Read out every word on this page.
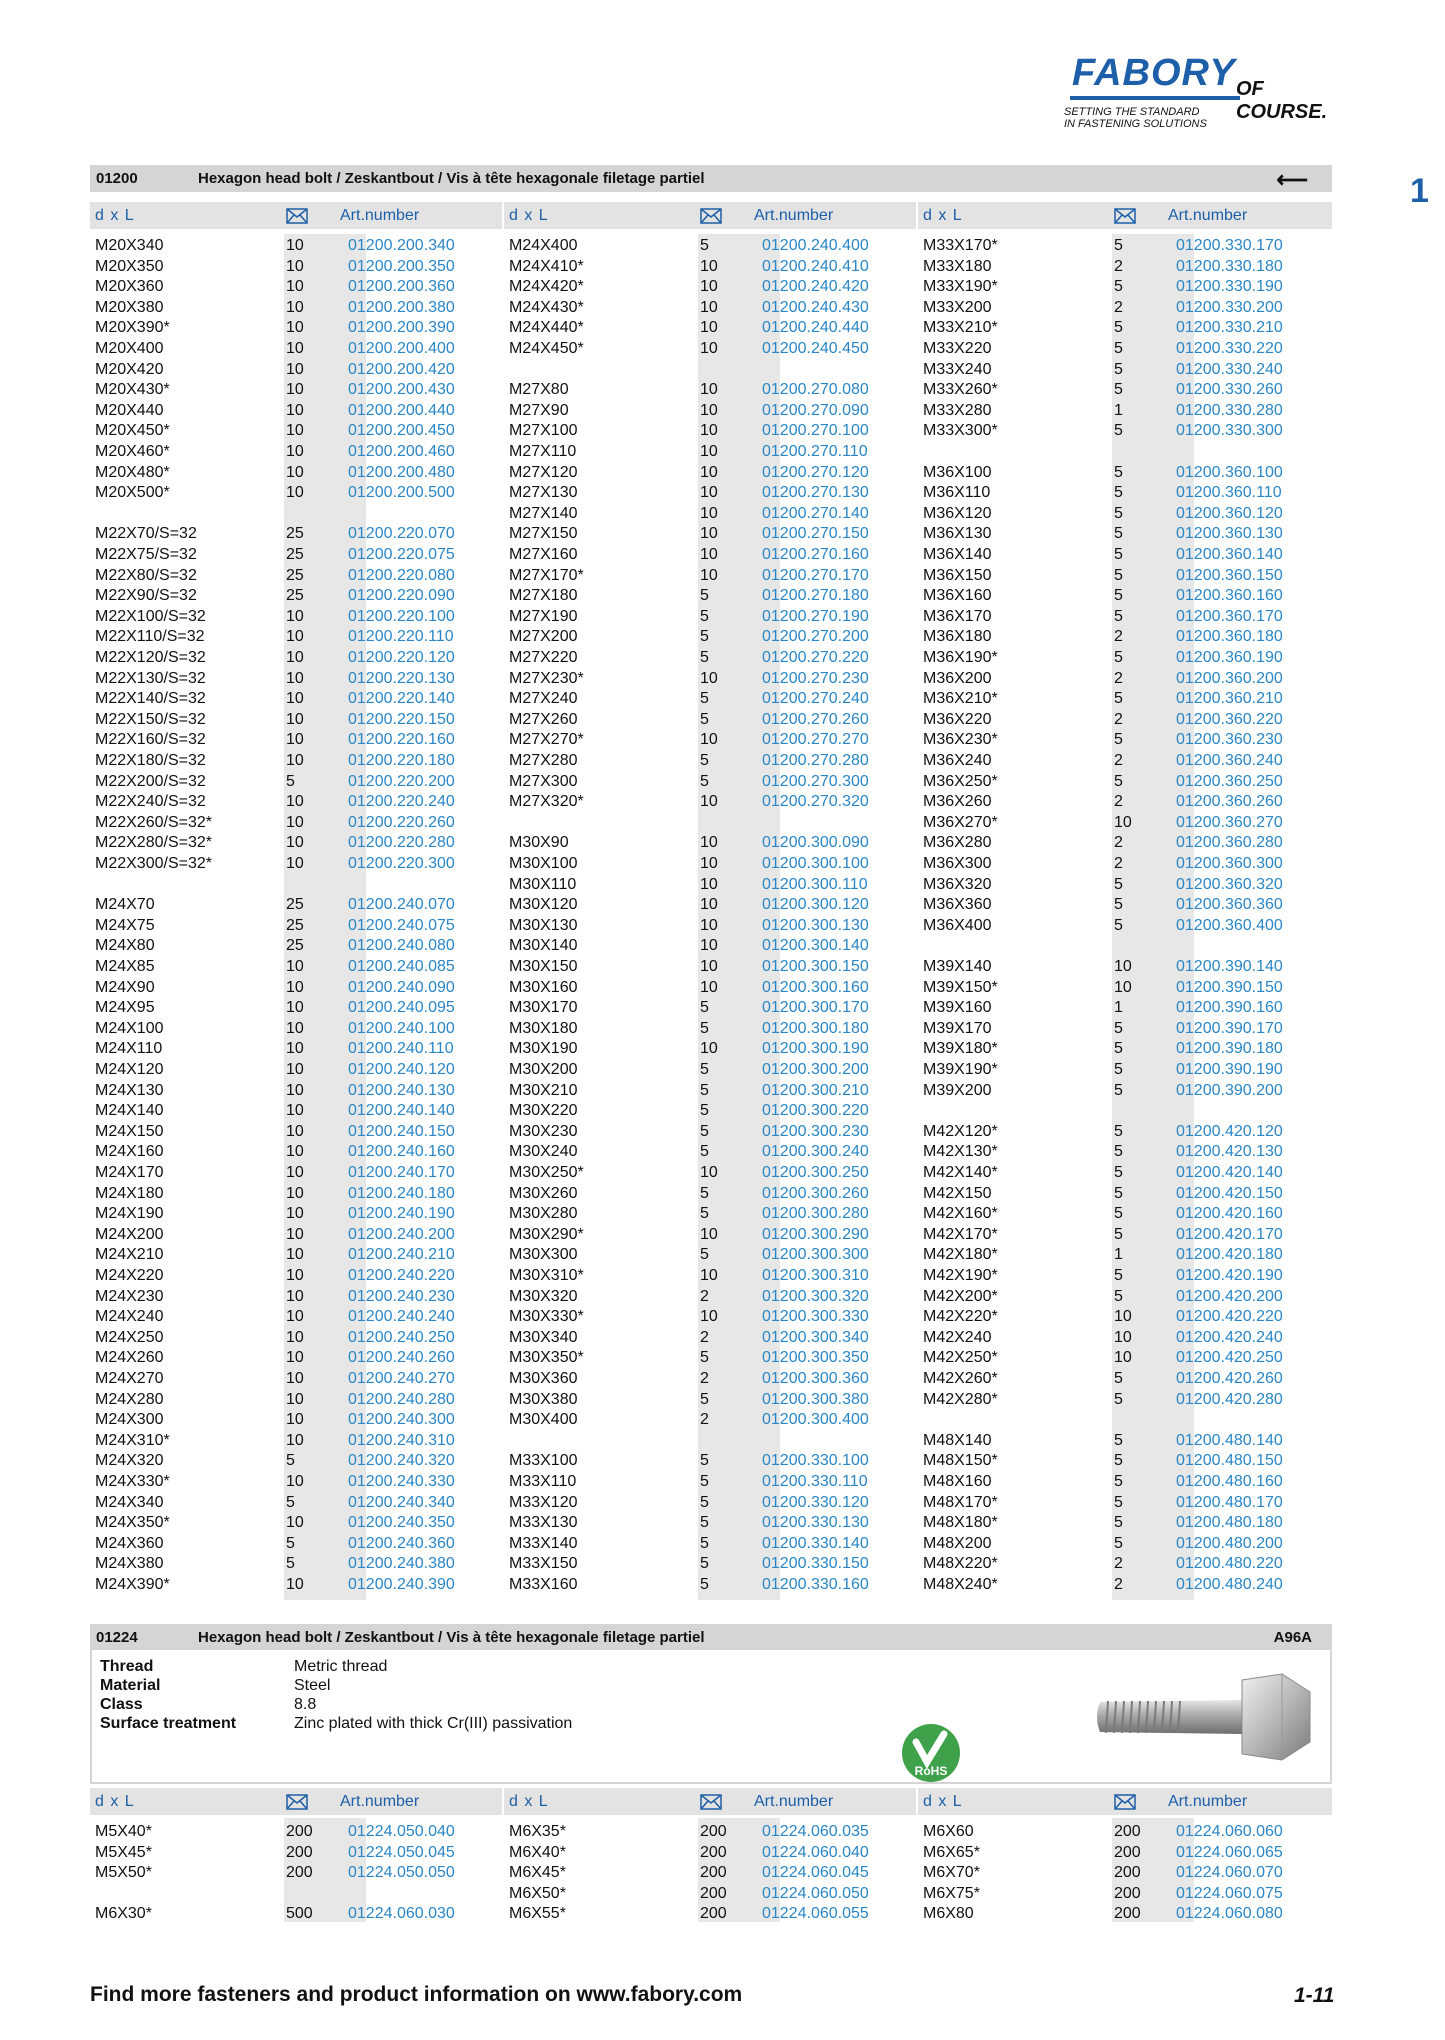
FABORY OF COURSE.
SETTING THE STANDARD
IN FASTENING SOLUTIONS
1
01200	Hexagon head bolt / Zeskantbout / Vis à tête hexagonale filetage partiel	⟵
d x L	Art.number	d x L	Art.number	d x L	Art.number
M20X340	10	01200.200.340
M20X350	10	01200.200.350
M20X360	10	01200.200.360
M20X380	10	01200.200.380
M20X390*	10	01200.200.390
M20X400	10	01200.200.400
M20X420	10	01200.200.420
M20X430*	10	01200.200.430
M20X440	10	01200.200.440
M20X450*	10	01200.200.450
M20X460*	10	01200.200.460
M20X480*	10	01200.200.480
M20X500*	10	01200.200.500
M22X70/S=32	25	01200.220.070
M22X75/S=32	25	01200.220.075
M22X80/S=32	25	01200.220.080
M22X90/S=32	25	01200.220.090
M22X100/S=32	10	01200.220.100
M22X110/S=32	10	01200.220.110
M22X120/S=32	10	01200.220.120
M22X130/S=32	10	01200.220.130
M22X140/S=32	10	01200.220.140
M22X150/S=32	10	01200.220.150
M22X160/S=32	10	01200.220.160
M22X180/S=32	10	01200.220.180
M22X200/S=32	5	01200.220.200
M22X240/S=32	10	01200.220.240
M22X260/S=32*	10	01200.220.260
M22X280/S=32*	10	01200.220.280
M22X300/S=32*	10	01200.220.300
M24X70	25	01200.240.070
M24X75	25	01200.240.075
M24X80	25	01200.240.080
M24X85	10	01200.240.085
M24X90	10	01200.240.090
M24X95	10	01200.240.095
M24X100	10	01200.240.100
M24X110	10	01200.240.110
M24X120	10	01200.240.120
M24X130	10	01200.240.130
M24X140	10	01200.240.140
M24X150	10	01200.240.150
M24X160	10	01200.240.160
M24X170	10	01200.240.170
M24X180	10	01200.240.180
M24X190	10	01200.240.190
M24X200	10	01200.240.200
M24X210	10	01200.240.210
M24X220	10	01200.240.220
M24X230	10	01200.240.230
M24X240	10	01200.240.240
M24X250	10	01200.240.250
M24X260	10	01200.240.260
M24X270	10	01200.240.270
M24X280	10	01200.240.280
M24X300	10	01200.240.300
M24X310*	10	01200.240.310
M24X320	5	01200.240.320
M24X330*	10	01200.240.330
M24X340	5	01200.240.340
M24X350*	10	01200.240.350
M24X360	5	01200.240.360
M24X380	5	01200.240.380
M24X390*	10	01200.240.390
M24X400	5	01200.240.400
M24X410*	10	01200.240.410
M24X420*	10	01200.240.420
M24X430*	10	01200.240.430
M24X440*	10	01200.240.440
M24X450*	10	01200.240.450
M27X80	10	01200.270.080
M27X90	10	01200.270.090
M27X100	10	01200.270.100
M27X110	10	01200.270.110
M27X120	10	01200.270.120
M27X130	10	01200.270.130
M27X140	10	01200.270.140
M27X150	10	01200.270.150
M27X160	10	01200.270.160
M27X170*	10	01200.270.170
M27X180	5	01200.270.180
M27X190	5	01200.270.190
M27X200	5	01200.270.200
M27X220	5	01200.270.220
M27X230*	10	01200.270.230
M27X240	5	01200.270.240
M27X260	5	01200.270.260
M27X270*	10	01200.270.270
M27X280	5	01200.270.280
M27X300	5	01200.270.300
M27X320*	10	01200.270.320
M30X90	10	01200.300.090
M30X100	10	01200.300.100
M30X110	10	01200.300.110
M30X120	10	01200.300.120
M30X130	10	01200.300.130
M30X140	10	01200.300.140
M30X150	10	01200.300.150
M30X160	10	01200.300.160
M30X170	5	01200.300.170
M30X180	5	01200.300.180
M30X190	10	01200.300.190
M30X200	5	01200.300.200
M30X210	5	01200.300.210
M30X220	5	01200.300.220
M30X230	5	01200.300.230
M30X240	5	01200.300.240
M30X250*	10	01200.300.250
M30X260	5	01200.300.260
M30X280	5	01200.300.280
M30X290*	10	01200.300.290
M30X300	5	01200.300.300
M30X310*	10	01200.300.310
M30X320	2	01200.300.320
M30X330*	10	01200.300.330
M30X340	2	01200.300.340
M30X350*	5	01200.300.350
M30X360	2	01200.300.360
M30X380	5	01200.300.380
M30X400	2	01200.300.400
M33X100	5	01200.330.100
M33X110	5	01200.330.110
M33X120	5	01200.330.120
M33X130	5	01200.330.130
M33X140	5	01200.330.140
M33X150	5	01200.330.150
M33X160	5	01200.330.160
M33X170*	5	01200.330.170
M33X180	2	01200.330.180
M33X190*	5	01200.330.190
M33X200	2	01200.330.200
M33X210*	5	01200.330.210
M33X220	5	01200.330.220
M33X240	5	01200.330.240
M33X260*	5	01200.330.260
M33X280	1	01200.330.280
M33X300*	5	01200.330.300
M36X100	5	01200.360.100
M36X110	5	01200.360.110
M36X120	5	01200.360.120
M36X130	5	01200.360.130
M36X140	5	01200.360.140
M36X150	5	01200.360.150
M36X160	5	01200.360.160
M36X170	5	01200.360.170
M36X180	2	01200.360.180
M36X190*	5	01200.360.190
M36X200	2	01200.360.200
M36X210*	5	01200.360.210
M36X220	2	01200.360.220
M36X230*	5	01200.360.230
M36X240	2	01200.360.240
M36X250*	5	01200.360.250
M36X260	2	01200.360.260
M36X270*	10	01200.360.270
M36X280	2	01200.360.280
M36X300	2	01200.360.300
M36X320	5	01200.360.320
M36X360	5	01200.360.360
M36X400	5	01200.360.400
M39X140	10	01200.390.140
M39X150*	10	01200.390.150
M39X160	1	01200.390.160
M39X170	5	01200.390.170
M39X180*	5	01200.390.180
M39X190*	5	01200.390.190
M39X200	5	01200.390.200
M42X120*	5	01200.420.120
M42X130*	5	01200.420.130
M42X140*	5	01200.420.140
M42X150	5	01200.420.150
M42X160*	5	01200.420.160
M42X170*	5	01200.420.170
M42X180*	1	01200.420.180
M42X190*	5	01200.420.190
M42X200*	5	01200.420.200
M42X220*	10	01200.420.220
M42X240	10	01200.420.240
M42X250*	10	01200.420.250
M42X260*	5	01200.420.260
M42X280*	5	01200.420.280
M48X140	5	01200.480.140
M48X150*	5	01200.480.150
M48X160	5	01200.480.160
M48X170*	5	01200.480.170
M48X180*	5	01200.480.180
M48X200	5	01200.480.200
M48X220*	2	01200.480.220
M48X240*	2	01200.480.240
01224	Hexagon head bolt / Zeskantbout / Vis à tête hexagonale filetage partiel	A96A
Thread	Metric thread
Material	Steel
Class	8.8
Surface treatment	Zinc plated with thick Cr(III) passivation
RoHS
d x L	Art.number	d x L	Art.number	d x L	Art.number
M5X40*	200 01224.050.040
M5X45*	200 01224.050.045
M5X50*	200 01224.050.050
M6X30*	500 01224.060.030
M6X35*	200 01224.060.035
M6X40*	200 01224.060.040
M6X45*	200 01224.060.045
M6X50*	200 01224.060.050
M6X55*	200 01224.060.055
M6X60	200 01224.060.060
M6X65*	200 01224.060.065
M6X70*	200 01224.060.070
M6X75*	200 01224.060.075
M6X80	200 01224.060.080
Find more fasteners and product information on www.fabory.com	1-11
